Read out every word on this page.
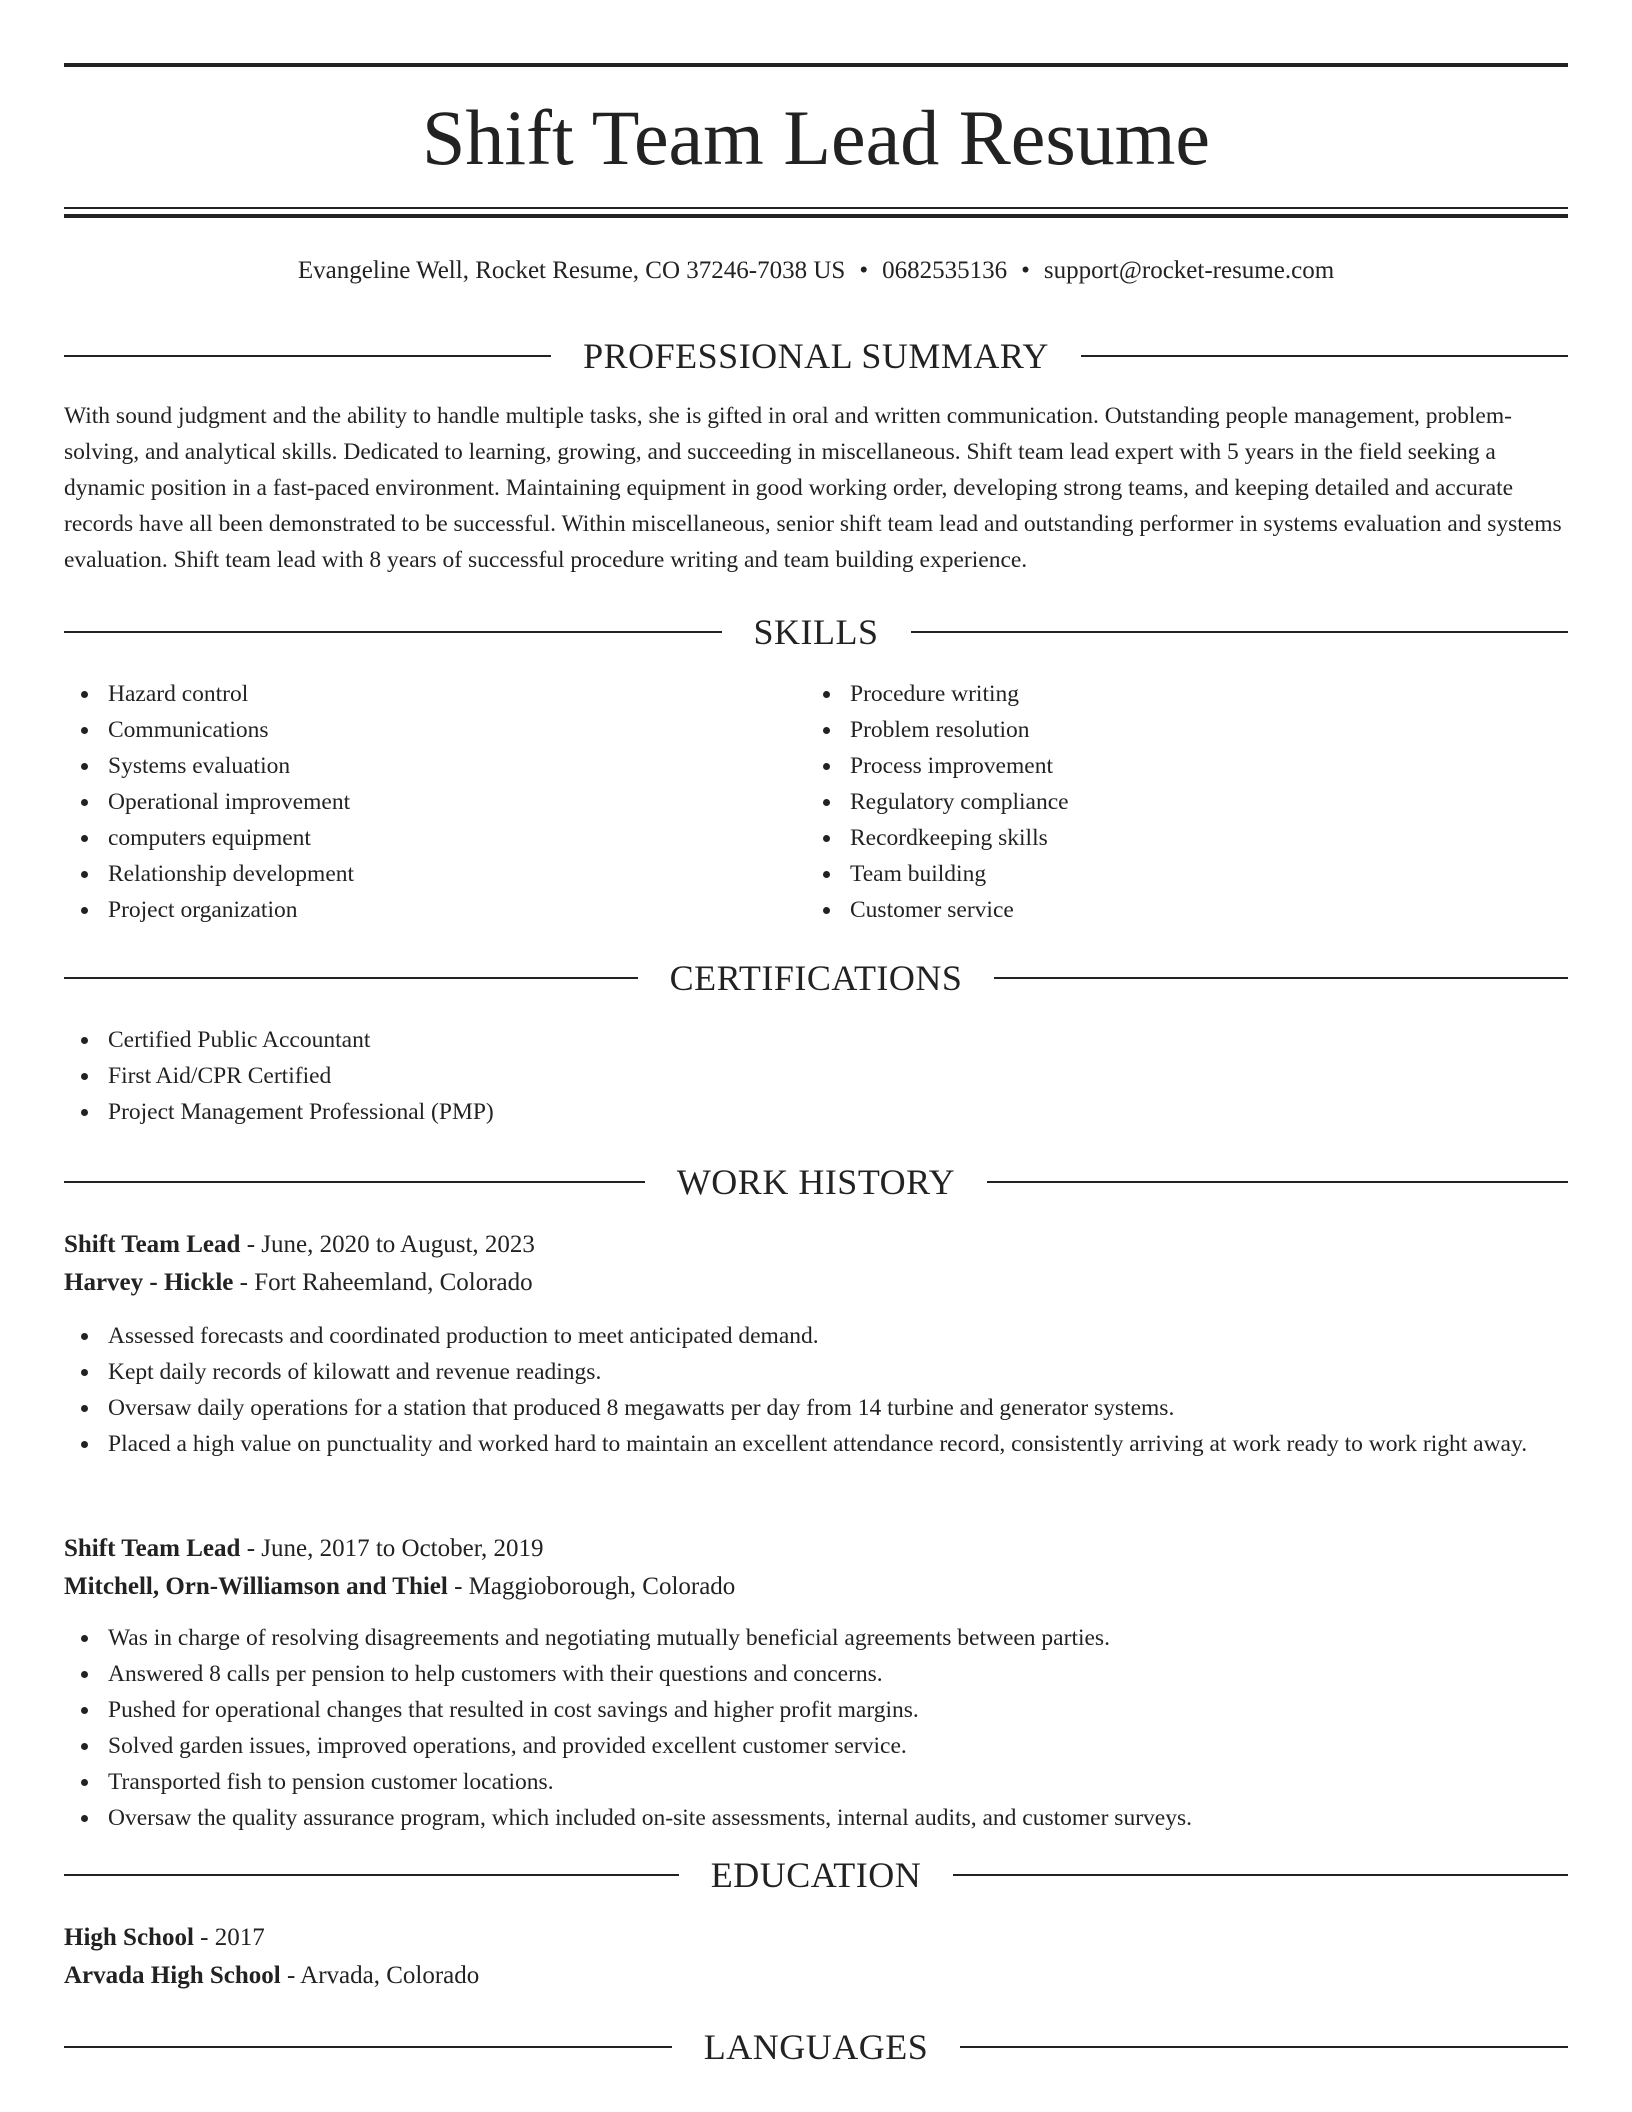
Shift Team Lead Resume
Evangeline Well, Rocket Resume, CO 37246-7038 US • 0682535136 • support@rocket-resume.com
PROFESSIONAL SUMMARY

With sound judgment and the ability to handle multiple tasks, she is gifted in oral and written communication. Outstanding people management, problem-solving, and analytical skills. Dedicated to learning, growing, and succeeding in miscellaneous. Shift team lead expert with 5 years in the field seeking a dynamic position in a fast-paced environment. Maintaining equipment in good working order, developing strong teams, and keeping detailed and accurate records have all been demonstrated to be successful. Within miscellaneous, senior shift team lead and outstanding performer in systems evaluation and systems evaluation. Shift team lead with 8 years of successful procedure writing and team building experience.

SKILLS
Hazard control
Communications
Systems evaluation
Operational improvement
computers equipment
Relationship development
Project organization
Procedure writing
Problem resolution
Process improvement
Regulatory compliance
Recordkeeping skills
Team building
Customer service
CERTIFICATIONS
Certified Public Accountant
First Aid/CPR Certified
Project Management Professional (PMP)
WORK HISTORY
Shift Team Lead - June, 2020 to August, 2023
Harvey - Hickle - Fort Raheemland, Colorado
Assessed forecasts and coordinated production to meet anticipated demand.
Kept daily records of kilowatt and revenue readings.
Oversaw daily operations for a station that produced 8 megawatts per day from 14 turbine and generator systems.
Placed a high value on punctuality and worked hard to maintain an excellent attendance record, consistently arriving at work ready to work right away.
Shift Team Lead - June, 2017 to October, 2019
Mitchell, Orn-Williamson and Thiel - Maggioborough, Colorado
Was in charge of resolving disagreements and negotiating mutually beneficial agreements between parties.
Answered 8 calls per pension to help customers with their questions and concerns.
Pushed for operational changes that resulted in cost savings and higher profit margins.
Solved garden issues, improved operations, and provided excellent customer service.
Transported fish to pension customer locations.
Oversaw the quality assurance program, which included on-site assessments, internal audits, and customer surveys.
EDUCATION
High School - 2017
Arvada High School - Arvada, Colorado
LANGUAGES
